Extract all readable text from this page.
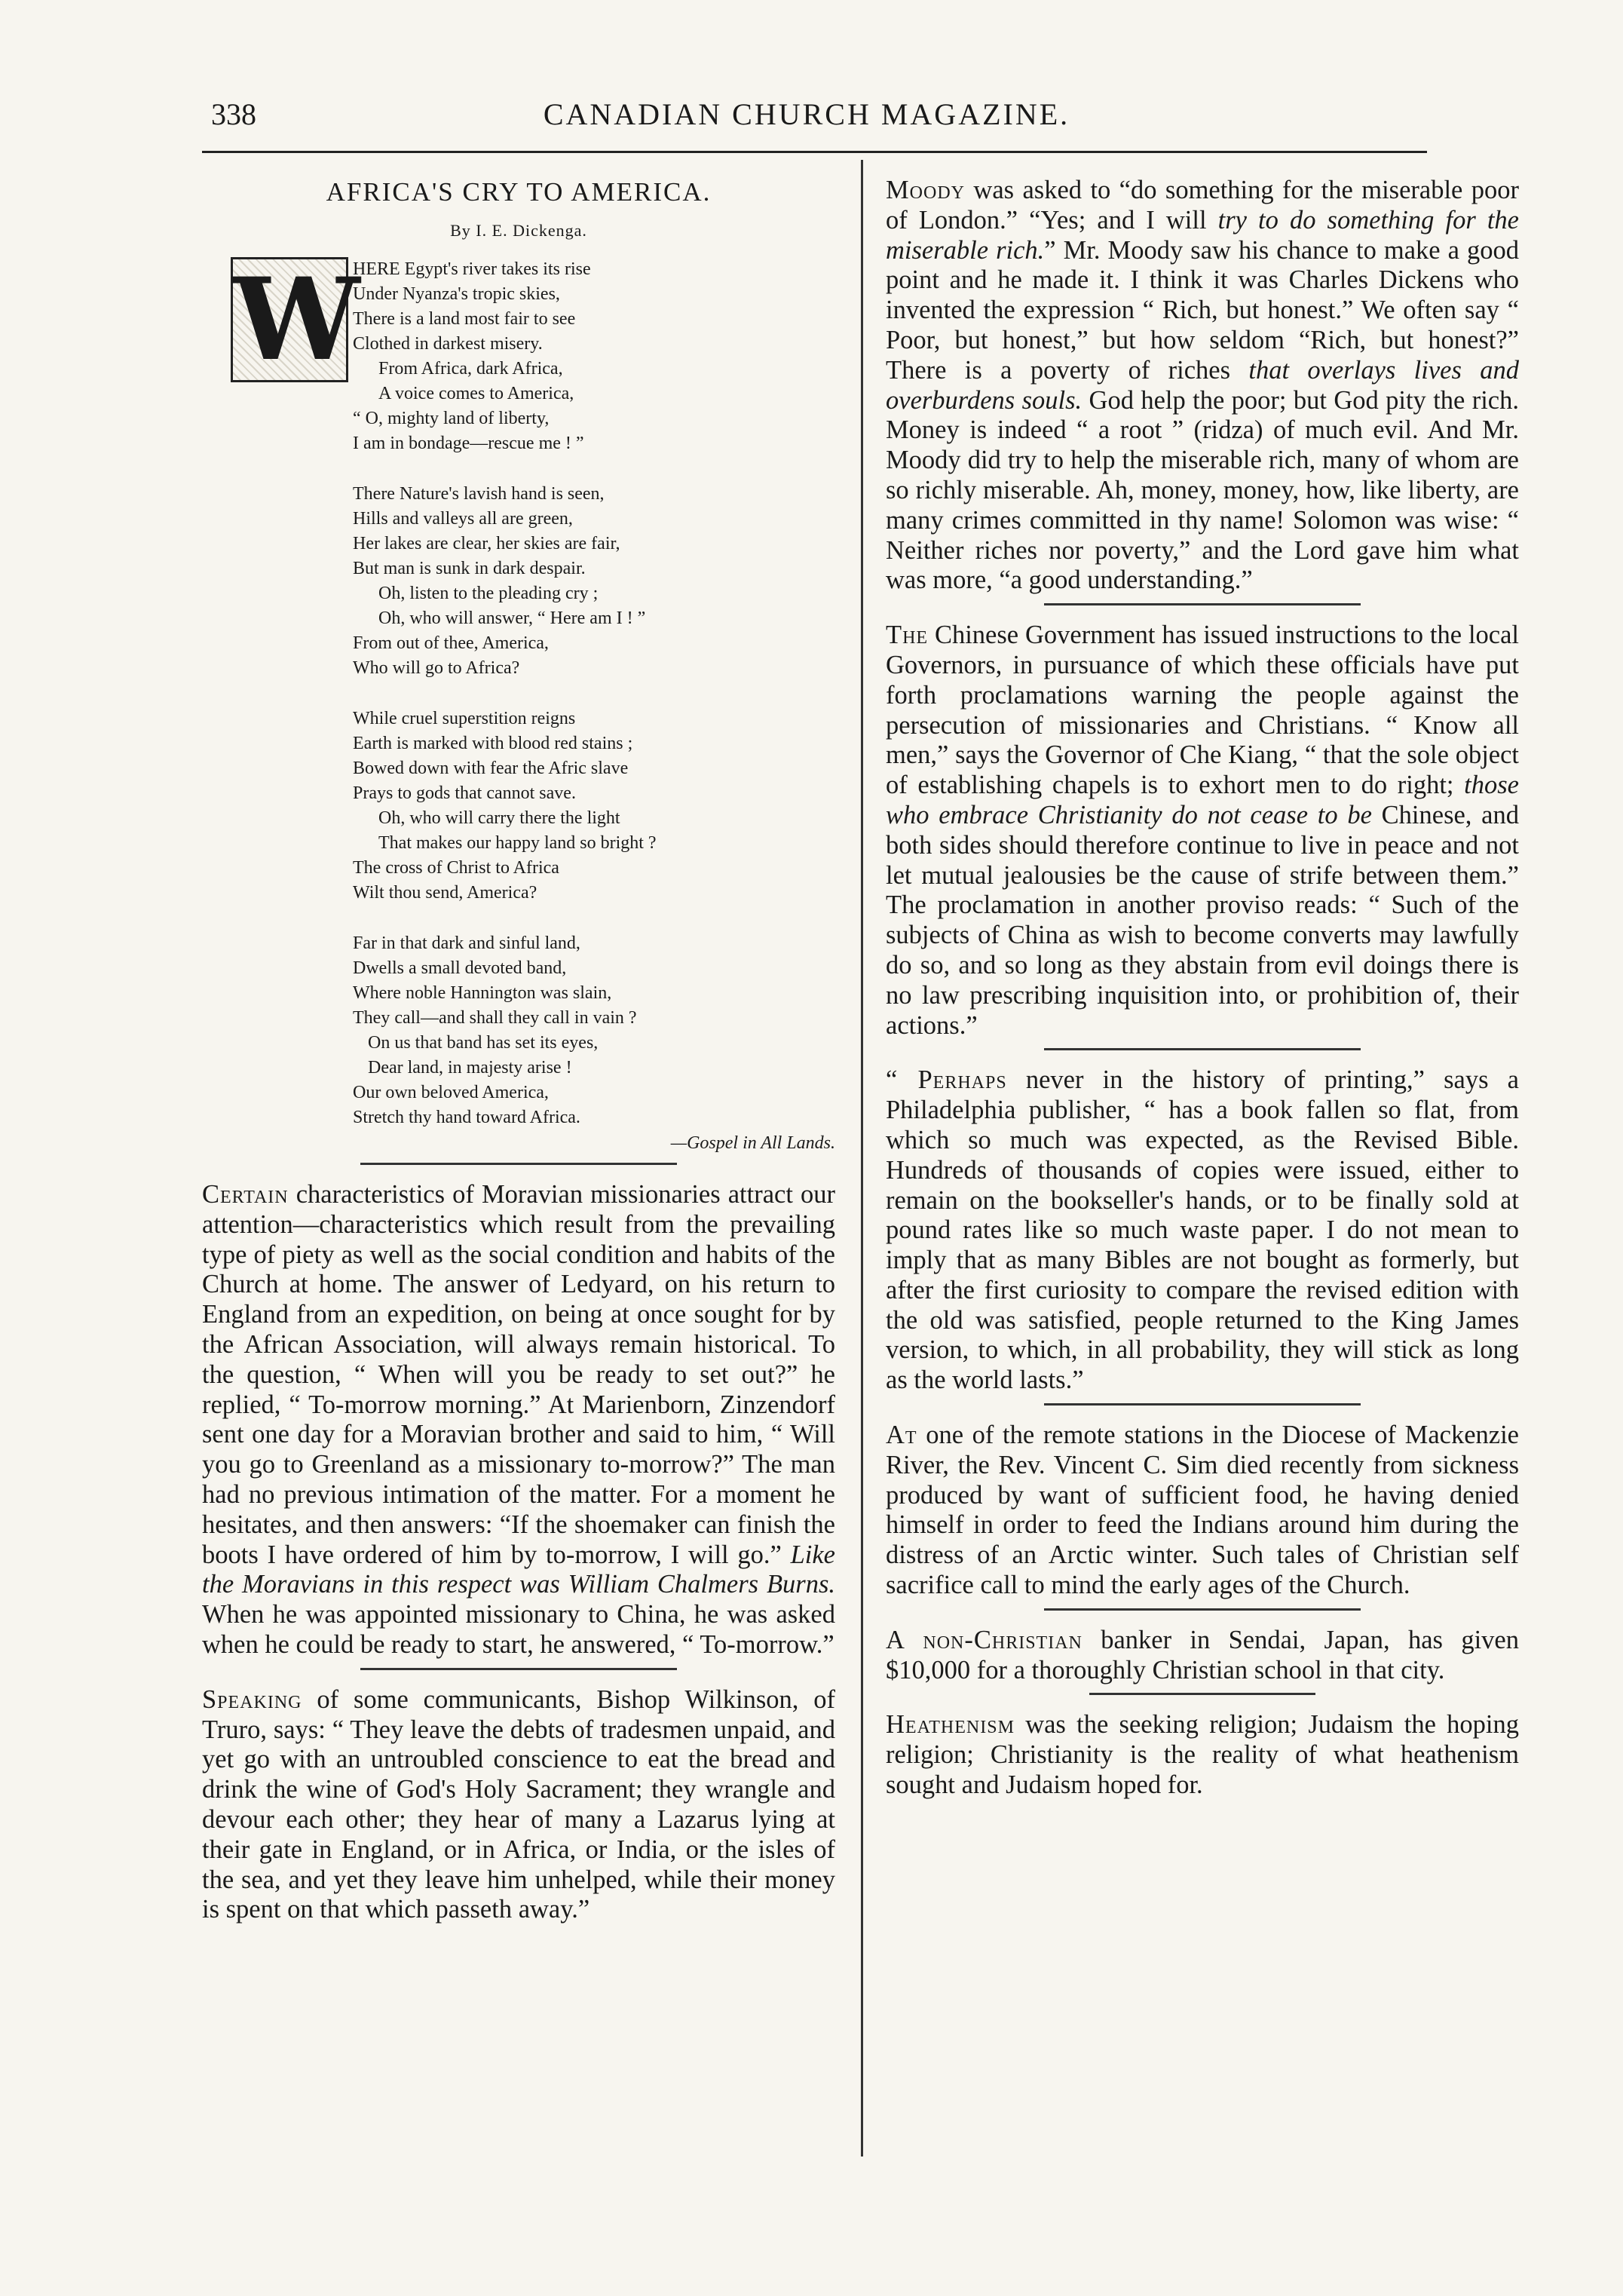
338	CANADIAN CHURCH MAGAZINE.
AFRICA'S CRY TO AMERICA.
By I. E. Dickenga.
W
HERE Egypt's river takes its rise
Under Nyanza's tropic skies,
There is a land most fair to see
Clothed in darkest misery.
From Africa, dark Africa,
A voice comes to America,
“ O, mighty land of liberty,
I am in bondage—rescue me ! ”
There Nature's lavish hand is seen,
Hills and valleys all are green,
Her lakes are clear, her skies are fair,
But man is sunk in dark despair.
Oh, listen to the pleading cry ;
Oh, who will answer, “ Here am I ! ”
From out of thee, America,
Who will go to Africa?
While cruel superstition reigns
Earth is marked with blood red stains ;
Bowed down with fear the Afric slave
Prays to gods that cannot save.
Oh, who will carry there the light
That makes our happy land so bright ?
The cross of Christ to Africa
Wilt thou send, America?
Far in that dark and sinful land,
Dwells a small devoted band,
Where noble Hannington was slain,
They call—and shall they call in vain ?
On us that band has set its eyes,
Dear land, in majesty arise !
Our own beloved America,
Stretch thy hand toward Africa.
—Gospel in All Lands.

Certain characteristics of Moravian missionaries attract our attention—characteristics which result from the prevailing type of piety as well as the social condition and habits of the Church at home. The answer of Ledyard, on his return to England from an expedition, on being at once sought for by the African Association, will always remain historical. To the question, “ When will you be ready to set out?” he replied, “ To-morrow morning.” At Marienborn, Zinzendorf sent one day for a Moravian brother and said to him, “ Will you go to Greenland as a missionary to-morrow?” The man had no previous intimation of the matter. For a moment he hesitates, and then answers: “If the shoemaker can finish the boots I have ordered of him by to-morrow, I will go.” Like the Moravians in this respect was William Chalmers Burns. When he was appointed missionary to China, he was asked when he could be ready to start, he answered, “ To-morrow.”

Speaking of some communicants, Bishop Wilkinson, of Truro, says: “ They leave the debts of tradesmen unpaid, and yet go with an untroubled conscience to eat the bread and drink the wine of God's Holy Sacrament; they wrangle and devour each other; they hear of many a Lazarus lying at their gate in England, or in Africa, or India, or the isles of the sea, and yet they leave him unhelped, while their money is spent on that which passeth away.”

Moody was asked to “do something for the miserable poor of London.” “Yes; and I will try to do something for the miserable rich.” Mr. Moody saw his chance to make a good point and he made it. I think it was Charles Dickens who invented the expression “ Rich, but honest.” We often say “ Poor, but honest,” but how seldom “Rich, but honest?” There is a poverty of riches that overlays lives and overburdens souls. God help the poor; but God pity the rich. Money is indeed “ a root ” (ridza) of much evil. And Mr. Moody did try to help the miserable rich, many of whom are so richly miserable. Ah, money, money, how, like liberty, are many crimes committed in thy name! Solomon was wise: “ Neither riches nor poverty,” and the Lord gave him what was more, “a good understanding.”

The Chinese Government has issued instructions to the local Governors, in pursuance of which these officials have put forth proclamations warning the people against the persecution of missionaries and Christians. “ Know all men,” says the Governor of Che Kiang, “ that the sole object of establishing chapels is to exhort men to do right; those who embrace Christianity do not cease to be Chinese, and both sides should therefore continue to live in peace and not let mutual jealousies be the cause of strife between them.” The proclamation in another proviso reads: “ Such of the subjects of China as wish to become converts may lawfully do so, and so long as they abstain from evil doings there is no law prescribing inquisition into, or prohibition of, their actions.”

“ Perhaps never in the history of printing,” says a Philadelphia publisher, “ has a book fallen so flat, from which so much was expected, as the Revised Bible. Hundreds of thousands of copies were issued, either to remain on the bookseller's hands, or to be finally sold at pound rates like so much waste paper. I do not mean to imply that as many Bibles are not bought as formerly, but after the first curiosity to compare the revised edition with the old was satisfied, people returned to the King James version, to which, in all probability, they will stick as long as the world lasts.”

At one of the remote stations in the Diocese of Mackenzie River, the Rev. Vincent C. Sim died recently from sickness produced by want of sufficient food, he having denied himself in order to feed the Indians around him during the distress of an Arctic winter. Such tales of Christian self sacrifice call to mind the early ages of the Church.

A non-Christian banker in Sendai, Japan, has given $10,000 for a thoroughly Christian school in that city.

Heathenism was the seeking religion; Judaism the hoping religion; Christianity is the reality of what heathenism sought and Judaism hoped for.
